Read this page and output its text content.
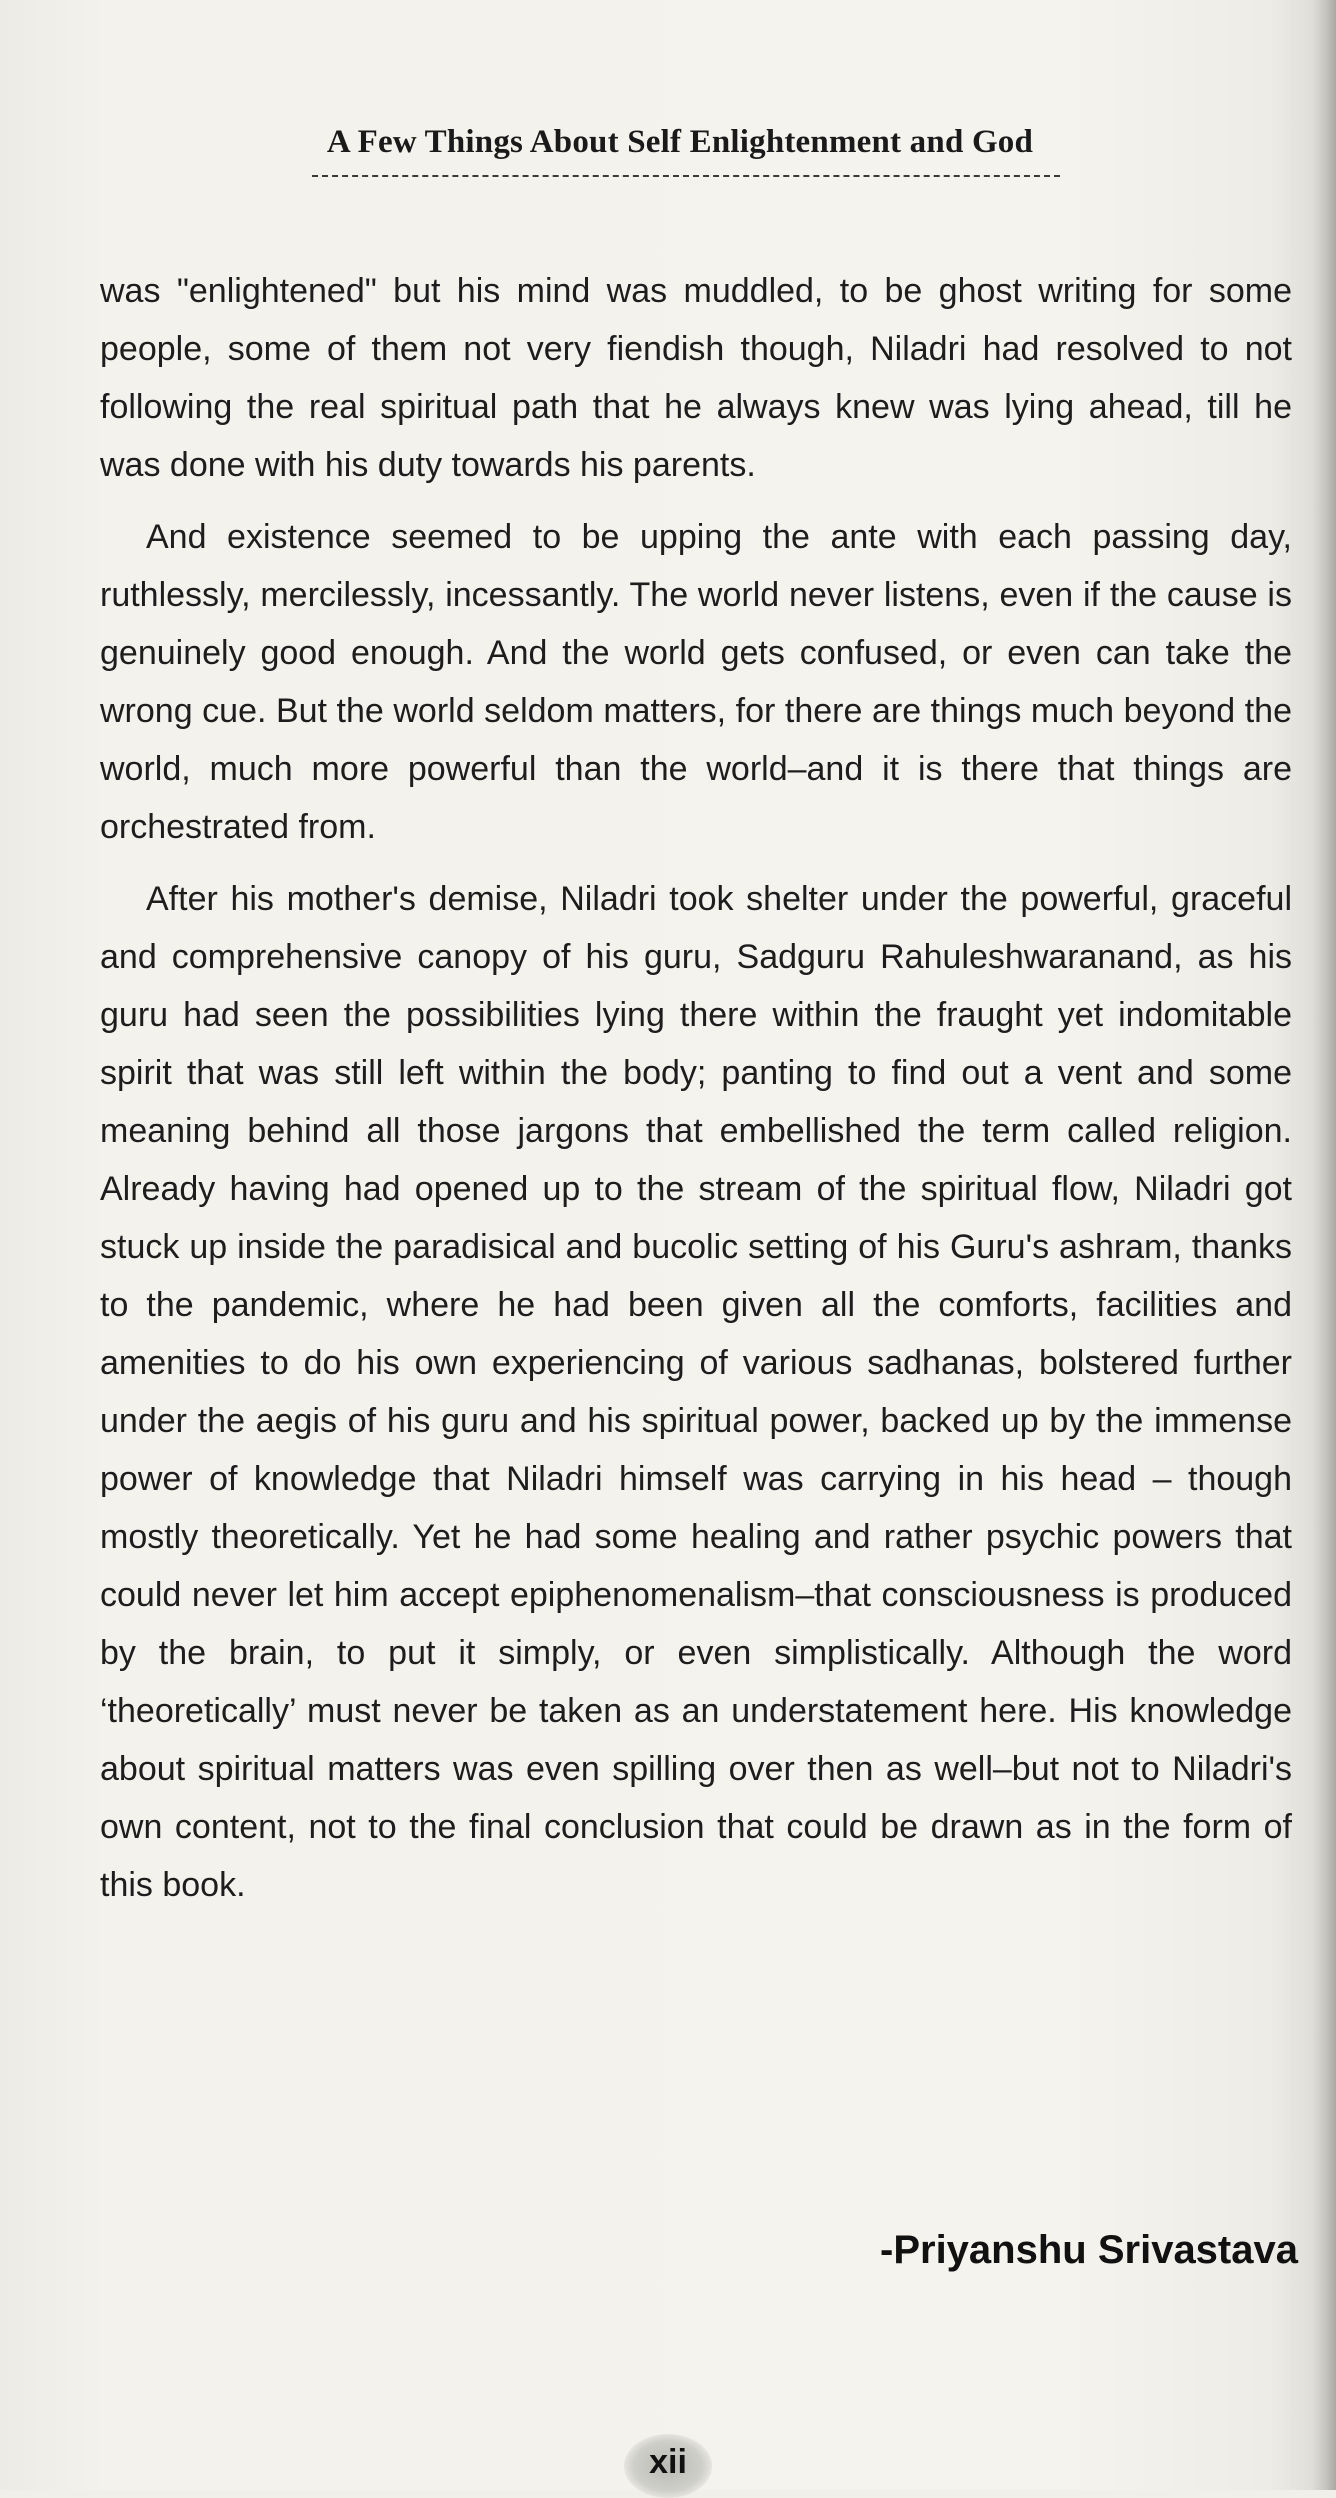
A Few Things About Self Enlightenment and God

was "enlightened" but his mind was muddled, to be ghost writing for some people, some of them not very fiendish though, Niladri had resolved to not following the real spiritual path that he always knew was lying ahead, till he was done with his duty towards his parents.

And existence seemed to be upping the ante with each passing day, ruthlessly, mercilessly, incessantly. The world never listens, even if the cause is genuinely good enough. And the world gets confused, or even can take the wrong cue. But the world seldom matters, for there are things much beyond the world, much more powerful than the world–and it is there that things are orchestrated from.

After his mother's demise, Niladri took shelter under the powerful, graceful and comprehensive canopy of his guru, Sadguru Rahuleshwaranand, as his guru had seen the possibilities lying there within the fraught yet indomitable spirit that was still left within the body; panting to find out a vent and some meaning behind all those jargons that embellished the term called religion. Already having had opened up to the stream of the spiritual flow, Niladri got stuck up inside the paradisical and bucolic setting of his Guru's ashram, thanks to the pandemic, where he had been given all the comforts, facilities and amenities to do his own experiencing of various sadhanas, bolstered further under the aegis of his guru and his spiritual power, backed up by the immense power of knowledge that Niladri himself was carrying in his head – though mostly theoretically. Yet he had some healing and rather psychic powers that could never let him accept epiphenomenalism–that consciousness is produced by the brain, to put it simply, or even simplistically. Although the word ‘theoretically’ must never be taken as an understatement here. His knowledge about spiritual matters was even spilling over then as well–but not to Niladri's own content, not to the final conclusion that could be drawn as in the form of this book.

-Priyanshu Srivastava
xii
